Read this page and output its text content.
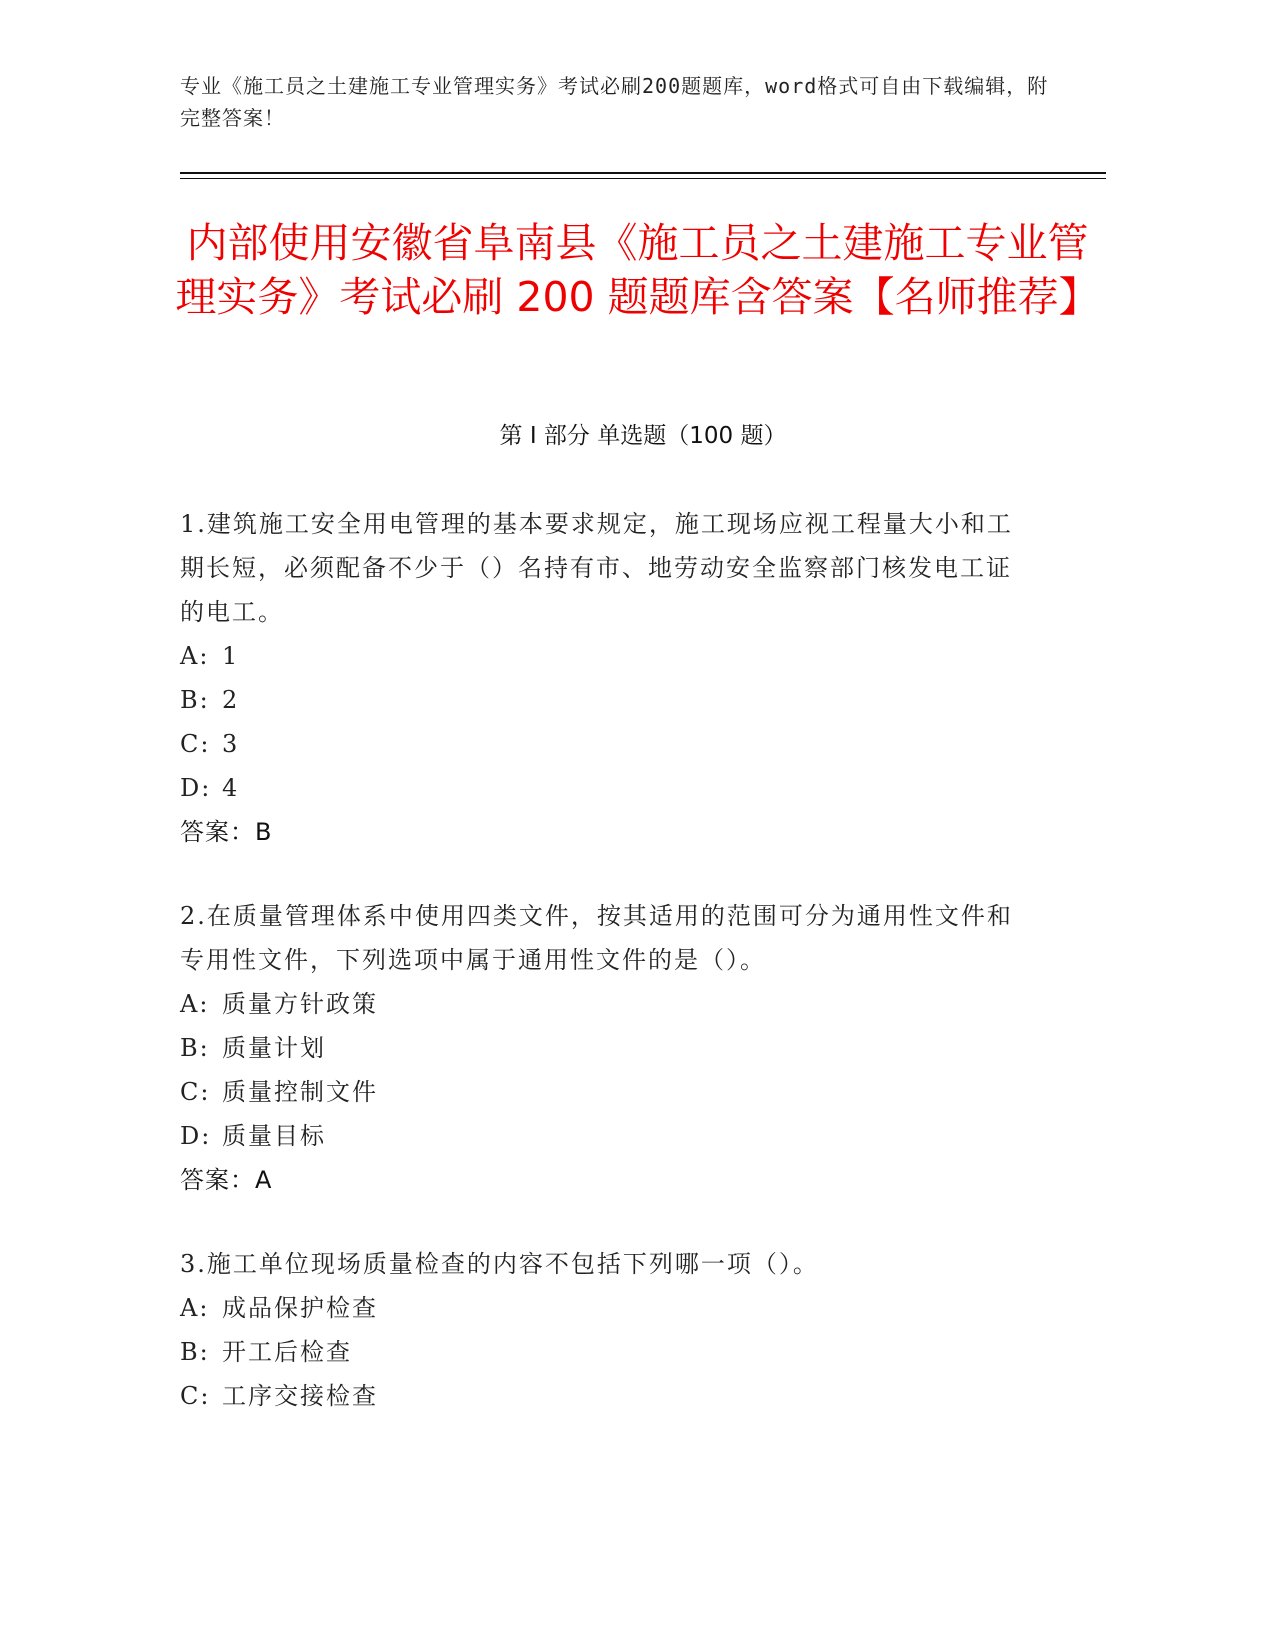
专业《施工员之土建施工专业管理实务》考试必刷200题题库，word格式可自由下载编辑，附完整答案！
内部使用安徽省阜南县《施工员之土建施工专业管理实务》考试必刷 200 题题库含答案【名师推荐】
第 I 部分 单选题（100 题）
1.建筑施工安全用电管理的基本要求规定，施工现场应视工程量大小和工期长短，必须配备不少于（）名持有市、地劳动安全监察部门核发电工证的电工。
A: 1
B: 2
C: 3
D: 4
答案：B
2.在质量管理体系中使用四类文件，按其适用的范围可分为通用性文件和专用性文件，下列选项中属于通用性文件的是（）。
A: 质量方针政策
B: 质量计划
C: 质量控制文件
D: 质量目标
答案：A
3.施工单位现场质量检查的内容不包括下列哪一项（）。
A: 成品保护检查
B: 开工后检查
C: 工序交接检查
